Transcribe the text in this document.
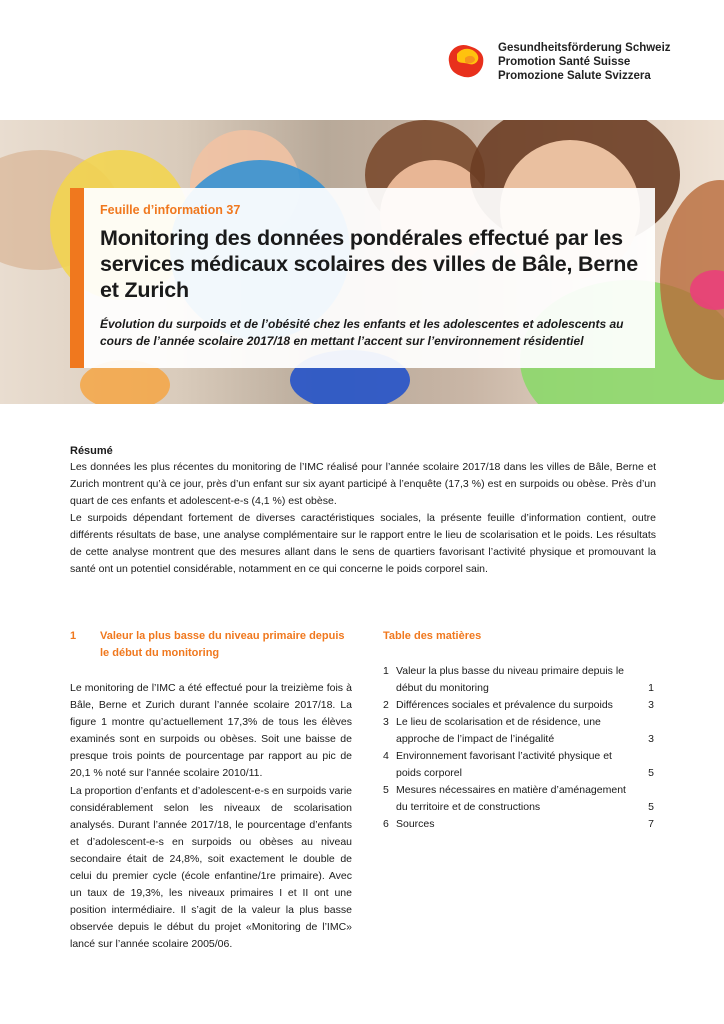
Gesundheitsförderung Schweiz
Promotion Santé Suisse
Promozione Salute Svizzera
Feuille d’information 37
Monitoring des données pondérales effectué par les services médicaux scolaires des villes de Bâle, Berne et Zurich
Évolution du surpoids et de l’obésité chez les enfants et les adolescentes et adolescents au cours de l’année scolaire 2017/18 en mettant l’accent sur l’environnement résidentiel
Résumé

Les données les plus récentes du monitoring de l’IMC réalisé pour l’année scolaire 2017/18 dans les villes de Bâle, Berne et Zurich montrent qu’à ce jour, près d’un enfant sur six ayant participé à l’enquête (17,3 %) est en surpoids ou obèse. Près d’un quart de ces enfants et adolescent-e-s (4,1 %) est obèse.

Le surpoids dépendant fortement de diverses caractéristiques sociales, la présente feuille d’information contient, outre différents résultats de base, une analyse complémentaire sur le rapport entre le lieu de scolarisation et le poids. Les résultats de cette analyse montrent que des mesures allant dans le sens de quartiers favorisant l’activité physique et promouvant la santé ont un potentiel considérable, notamment en ce qui concerne le poids corporel sain.

1 Valeur la plus basse du niveau primaire depuis le début du monitoring

Le monitoring de l’IMC a été effectué pour la treizième fois à Bâle, Berne et Zurich durant l’année scolaire 2017/18. La figure 1 montre qu’actuellement 17,3% de tous les élèves examinés sont en surpoids ou obèses. Soit une baisse de presque trois points de pourcentage par rapport au pic de 20,1 % noté sur l’année scolaire 2010/11.

La proportion d’enfants et d’adolescent-e-s en surpoids varie considérablement selon les niveaux de scolarisation analysés. Durant l’année 2017/18, le pourcentage d’enfants et d’adolescent-e-s en surpoids ou obèses au niveau secondaire était de 24,8%, soit exactement le double de celui du premier cycle (école enfantine/1re primaire). Avec un taux de 19,3%, les niveaux primaires I et II ont une position intermédiaire. Il s’agit de la valeur la plus basse observée depuis le début du projet «Monitoring de l’IMC» lancé sur l’année scolaire 2005/06.

Table des matières
1 Valeur la plus basse du niveau primaire depuis le début du monitoring	1
2 Différences sociales et prévalence du surpoids	3
3 Le lieu de scolarisation et de résidence, une approche de l’impact de l’inégalité	3
4 Environnement favorisant l’activité physique et poids corporel	5
5 Mesures nécessaires en matière d’aménagement du territoire et de constructions	5
6 Sources	7
